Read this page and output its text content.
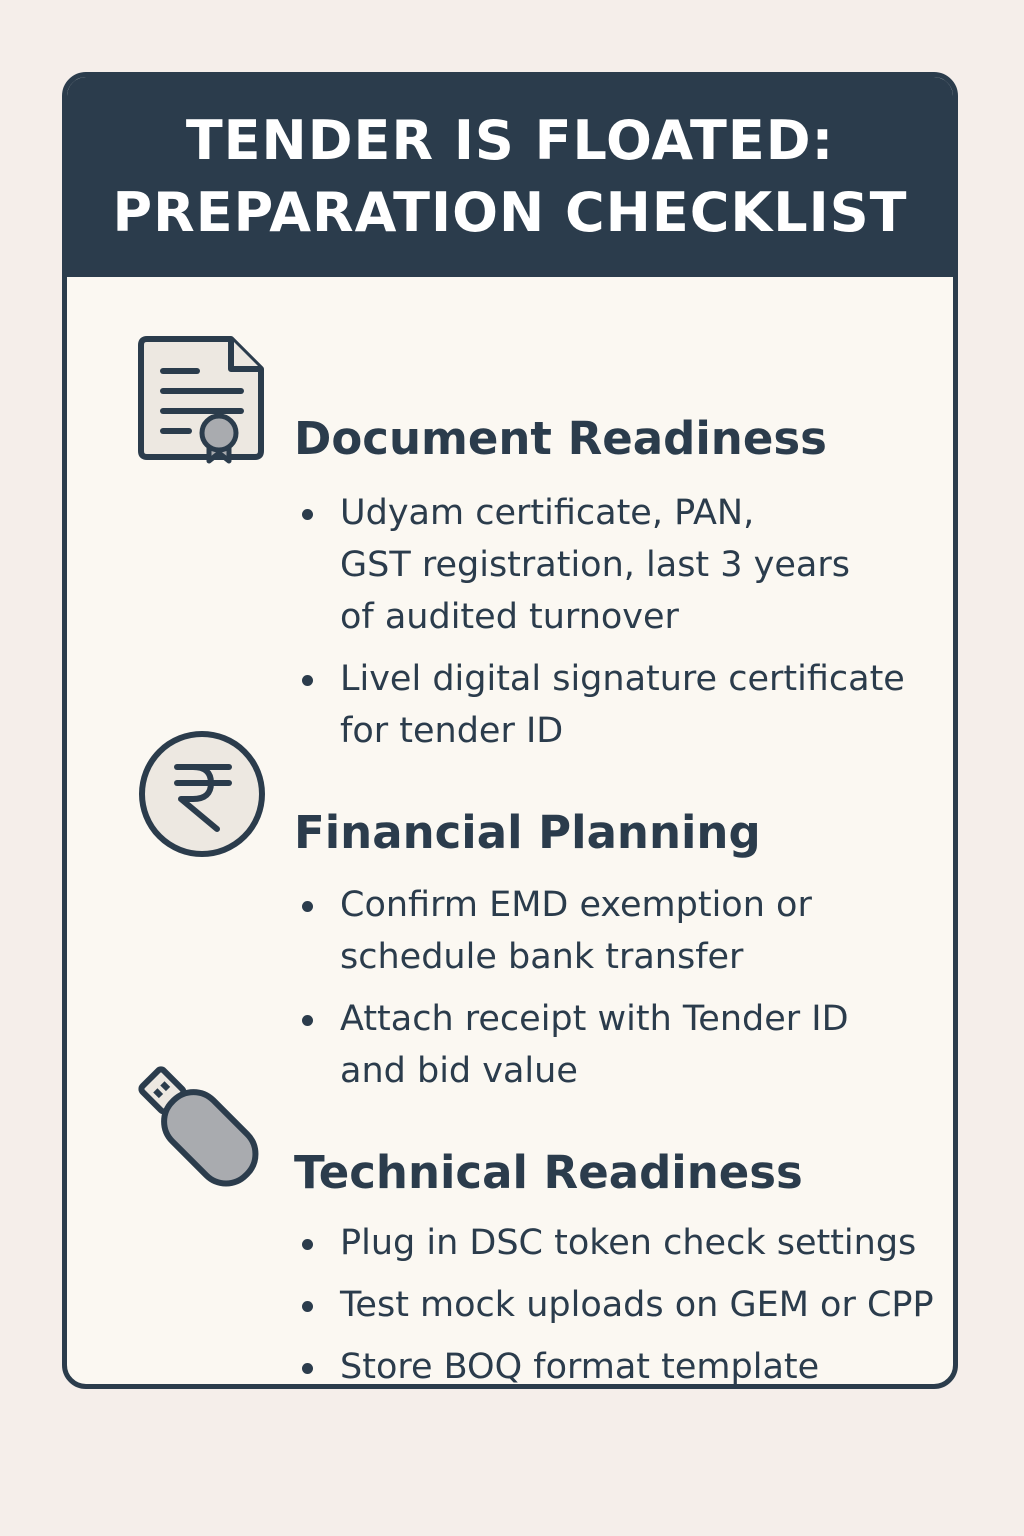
TENDER IS FLOATED:
PREPARATION CHECKLIST
Document Readiness
Udyam certificate, PAN,
GST registration, last 3 years
of audited turnover
Livel digital signature certificate
for tender ID
Financial Planning
Confirm EMD exemption or
schedule bank transfer
Attach receipt with Tender ID
and bid value
Technical Readiness
Plug in DSC token check settings
Test mock uploads on GEM or CPP
Store BOQ format template
